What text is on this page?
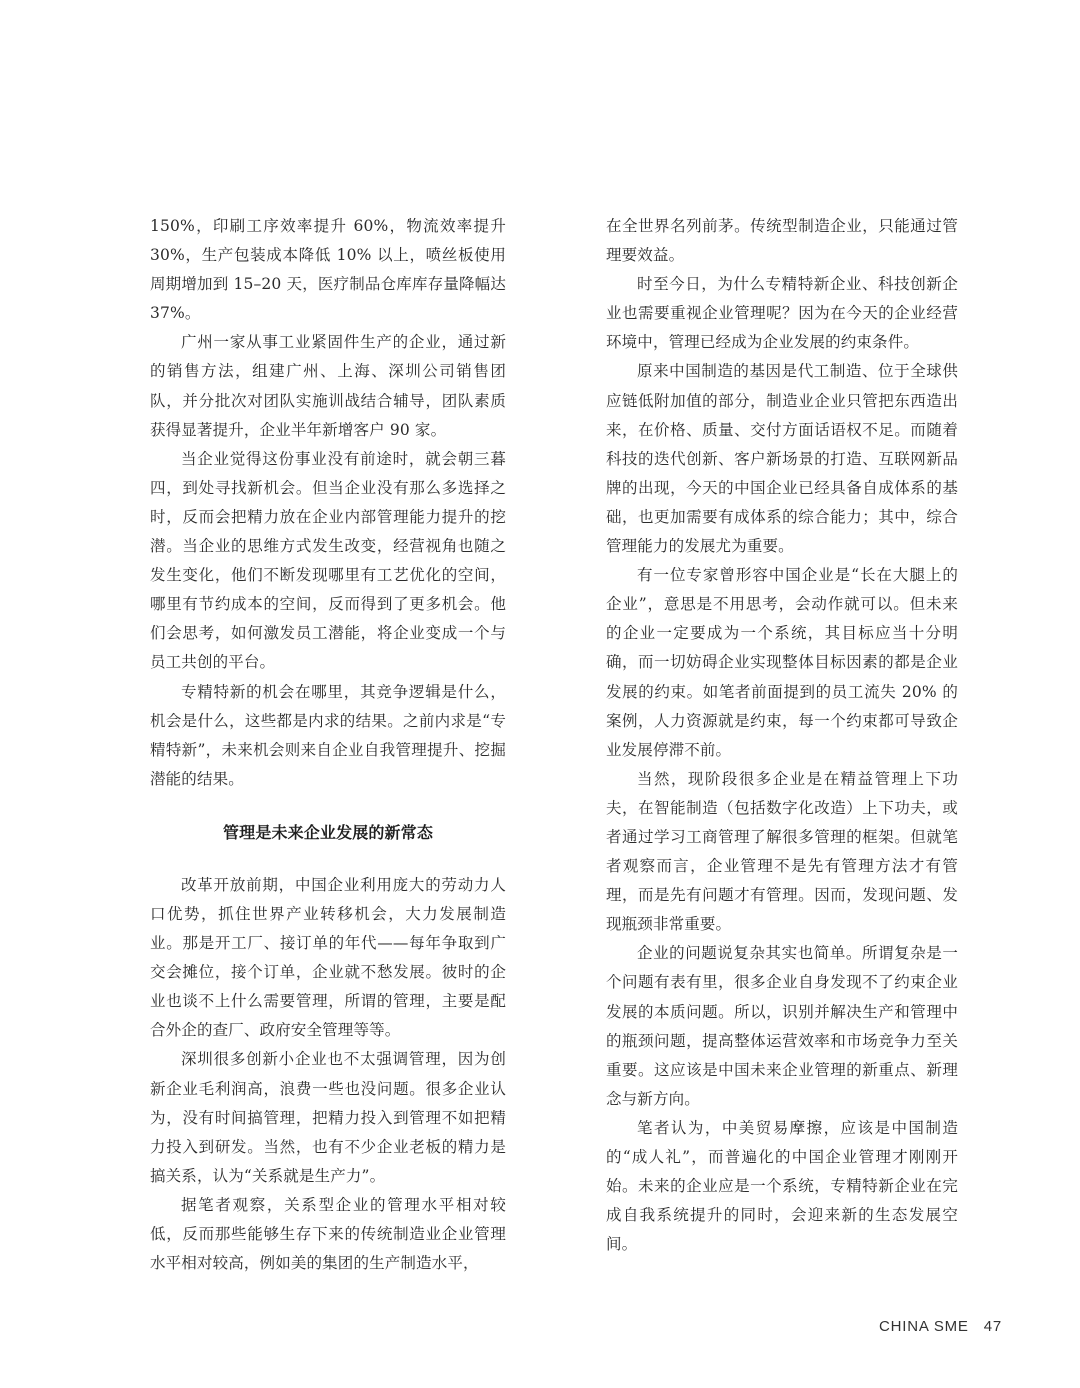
150%，印刷工序效率提升 60%，物流效率提升 30%，生产包装成本降低 10% 以上，喷丝板使用周期增加到 15–20 天，医疗制品仓库库存量降幅达 37%。

广州一家从事工业紧固件生产的企业，通过新的销售方法，组建广州、上海、深圳公司销售团队，并分批次对团队实施训战结合辅导，团队素质获得显著提升，企业半年新增客户 90 家。

当企业觉得这份事业没有前途时，就会朝三暮四，到处寻找新机会。但当企业没有那么多选择之时，反而会把精力放在企业内部管理能力提升的挖潜。当企业的思维方式发生改变，经营视角也随之发生变化，他们不断发现哪里有工艺优化的空间，哪里有节约成本的空间，反而得到了更多机会。他们会思考，如何激发员工潜能，将企业变成一个与员工共创的平台。

专精特新的机会在哪里，其竞争逻辑是什么，机会是什么，这些都是内求的结果。之前内求是“专精特新”，未来机会则来自企业自我管理提升、挖掘潜能的结果。

管理是未来企业发展的新常态

改革开放前期，中国企业利用庞大的劳动力人口优势，抓住世界产业转移机会，大力发展制造业。那是开工厂、接订单的年代——每年争取到广交会摊位，接个订单，企业就不愁发展。彼时的企业也谈不上什么需要管理，所谓的管理，主要是配合外企的查厂、政府安全管理等等。

深圳很多创新小企业也不太强调管理，因为创新企业毛利润高，浪费一些也没问题。很多企业认为，没有时间搞管理，把精力投入到管理不如把精力投入到研发。当然，也有不少企业老板的精力是搞关系，认为“关系就是生产力”。

据笔者观察，关系型企业的管理水平相对较低，反而那些能够生存下来的传统制造业企业管理水平相对较高，例如美的集团的生产制造水平，

在全世界名列前茅。传统型制造企业，只能通过管理要效益。

时至今日，为什么专精特新企业、科技创新企业也需要重视企业管理呢？因为在今天的企业经营环境中，管理已经成为企业发展的约束条件。

原来中国制造的基因是代工制造、位于全球供应链低附加值的部分，制造业企业只管把东西造出来，在价格、质量、交付方面话语权不足。而随着科技的迭代创新、客户新场景的打造、互联网新品牌的出现，今天的中国企业已经具备自成体系的基础，也更加需要有成体系的综合能力；其中，综合管理能力的发展尤为重要。

有一位专家曾形容中国企业是“长在大腿上的企业”，意思是不用思考，会动作就可以。但未来的企业一定要成为一个系统，其目标应当十分明确，而一切妨碍企业实现整体目标因素的都是企业发展的约束。如笔者前面提到的员工流失 20% 的案例，人力资源就是约束，每一个约束都可导致企业发展停滞不前。

当然，现阶段很多企业是在精益管理上下功夫，在智能制造（包括数字化改造）上下功夫，或者通过学习工商管理了解很多管理的框架。但就笔者观察而言，企业管理不是先有管理方法才有管理，而是先有问题才有管理。因而，发现问题、发现瓶颈非常重要。

企业的问题说复杂其实也简单。所谓复杂是一个问题有表有里，很多企业自身发现不了约束企业发展的本质问题。所以，识别并解决生产和管理中的瓶颈问题，提高整体运营效率和市场竞争力至关重要。这应该是中国未来企业管理的新重点、新理念与新方向。

笔者认为，中美贸易摩擦，应该是中国制造的“成人礼”，而普遍化的中国企业管理才刚刚开始。未来的企业应是一个系统，专精特新企业在完成自我系统提升的同时，会迎来新的生态发展空间。

CHINA SME 47
